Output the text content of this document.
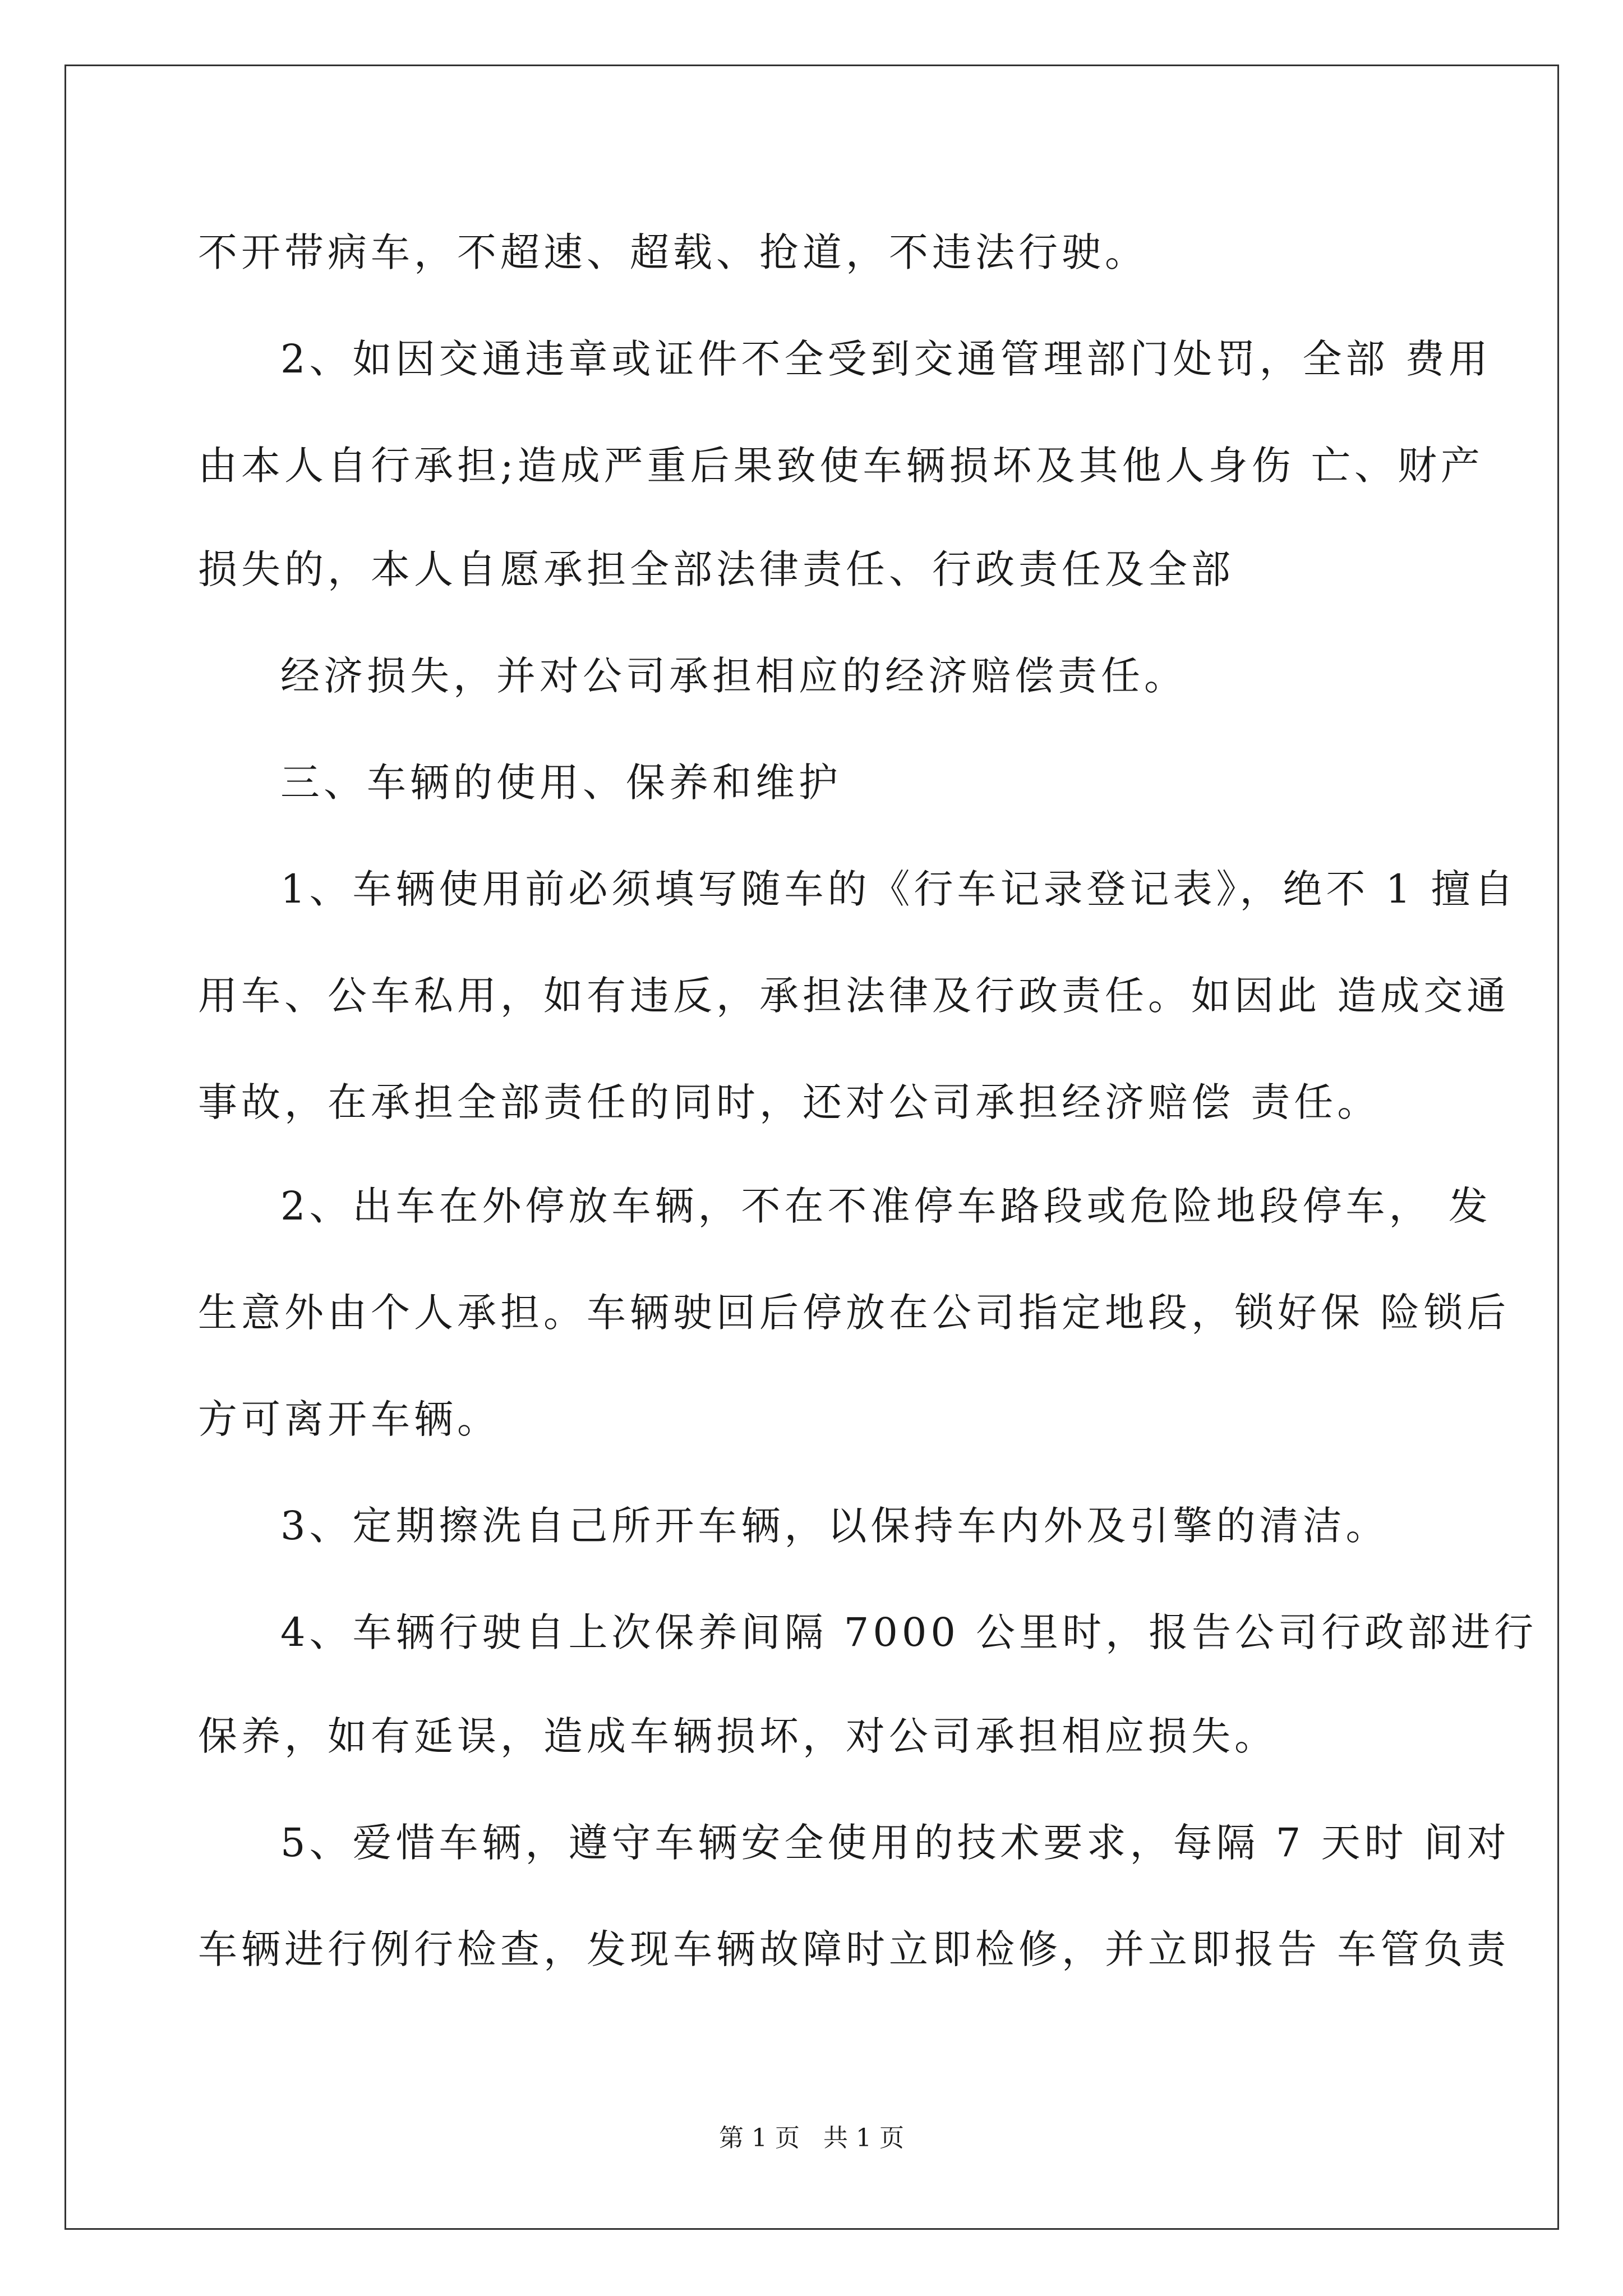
不开带病车，不超速、超载、抢道，不违法行驶。
2、如因交通违章或证件不全受到交通管理部门处罚，全部 费用
由本人自行承担;造成严重后果致使车辆损坏及其他人身伤 亡、财产
损失的，本人自愿承担全部法律责任、行政责任及全部
经济损失，并对公司承担相应的经济赔偿责任。
三、车辆的使用、保养和维护
1、车辆使用前必须填写随车的《行车记录登记表》，绝不 1 擅自
用车、公车私用，如有违反，承担法律及行政责任。如因此 造成交通
事故，在承担全部责任的同时，还对公司承担经济赔偿 责任。
2、出车在外停放车辆，不在不准停车路段或危险地段停车， 发
生意外由个人承担。车辆驶回后停放在公司指定地段，锁好保 险锁后
方可离开车辆。
3、定期擦洗自己所开车辆，以保持车内外及引擎的清洁。
4、车辆行驶自上次保养间隔 7000 公里时，报告公司行政部进行
保养，如有延误，造成车辆损坏，对公司承担相应损失。
5、爱惜车辆，遵守车辆安全使用的技术要求，每隔 7 天时 间对
车辆进行例行检查，发现车辆故障时立即检修，并立即报告 车管负责
第 1 页 共 1 页
